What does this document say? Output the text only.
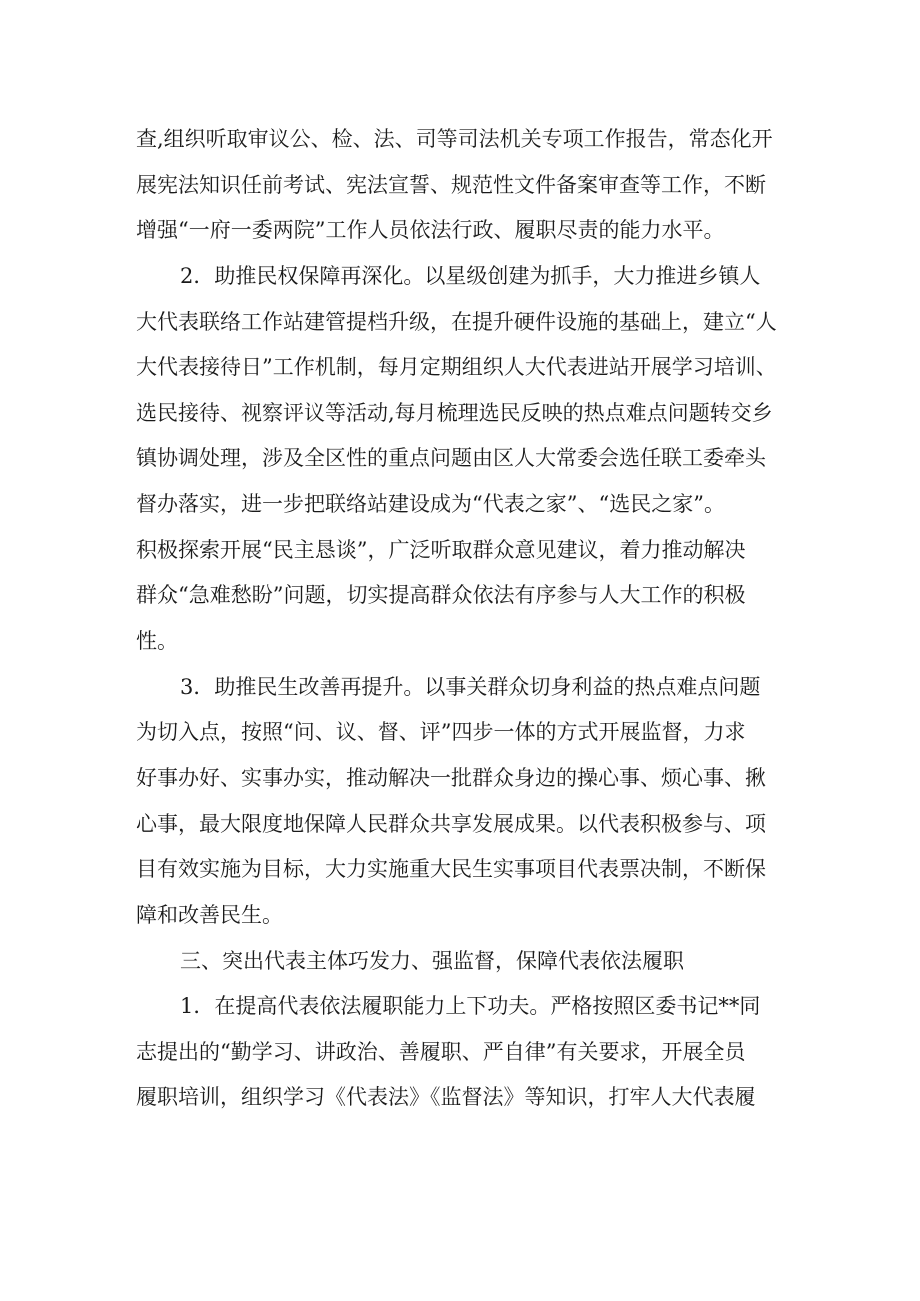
查,组织听取审议公、检、法、司等司法机关专项工作报告，常态化开
展宪法知识任前考试、宪法宣誓、规范性文件备案审查等工作，不断
增强“一府一委两院”工作人员依法行政、履职尽责的能力水平。
2．助推民权保障再深化。以星级创建为抓手，大力推进乡镇人
大代表联络工作站建管提档升级，在提升硬件设施的基础上，建立“人
大代表接待日”工作机制，每月定期组织人大代表进站开展学习培训、
选民接待、视察评议等活动,每月梳理选民反映的热点难点问题转交乡
镇协调处理，涉及全区性的重点问题由区人大常委会选任联工委牵头
督办落实，进一步把联络站建设成为“代表之家”、“选民之家”。
积极探索开展“民主恳谈”，广泛听取群众意见建议，着力推动解决
群众“急难愁盼”问题，切实提高群众依法有序参与人大工作的积极
性。
3．助推民生改善再提升。以事关群众切身利益的热点难点问题
为切入点，按照“问、议、督、评”四步一体的方式开展监督，力求
好事办好、实事办实，推动解决一批群众身边的操心事、烦心事、揪
心事，最大限度地保障人民群众共享发展成果。以代表积极参与、项
目有效实施为目标，大力实施重大民生实事项目代表票决制，不断保
障和改善民生。
三、突出代表主体巧发力、强监督，保障代表依法履职
1．在提高代表依法履职能力上下功夫。严格按照区委书记**同
志提出的“勤学习、讲政治、善履职、严自律”有关要求，开展全员
履职培训，组织学习《代表法》《监督法》等知识，打牢人大代表履
